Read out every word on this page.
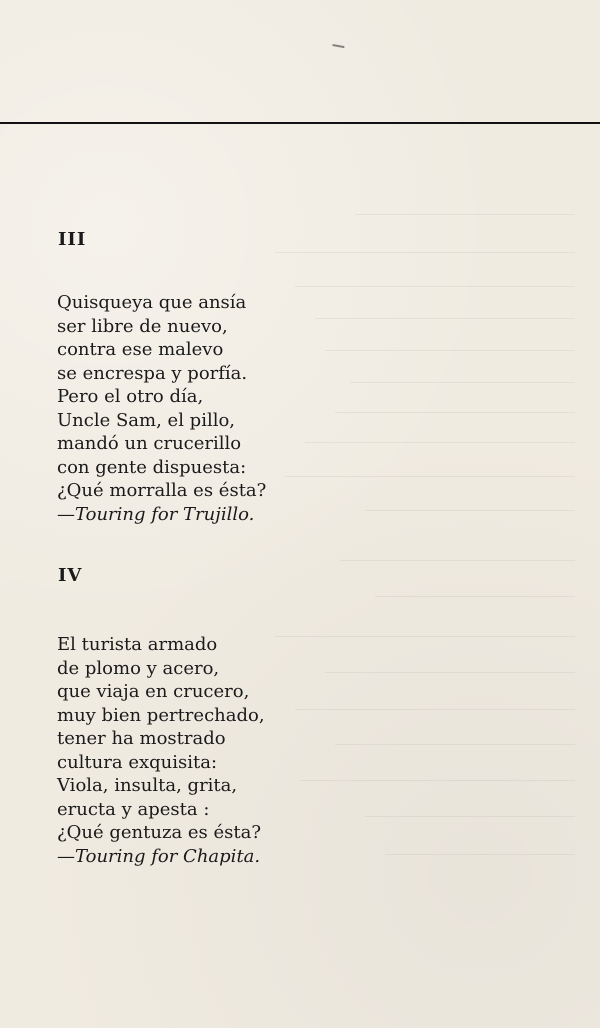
III
Quisqueya que ansía
ser libre de nuevo,
contra ese malevo
se encrespa y porfía.
Pero el otro día,
Uncle Sam, el pillo,
mandó un crucerillo
con gente dispuesta:
¿Qué morralla es ésta?
—Touring for Trujillo.
IV
El turista armado
de plomo y acero,
que viaja en crucero,
muy bien pertrechado,
tener ha mostrado
cultura exquisita:
Viola, insulta, grita,
eructa y apesta :
¿Qué gentuza es ésta?
—Touring for Chapita.
